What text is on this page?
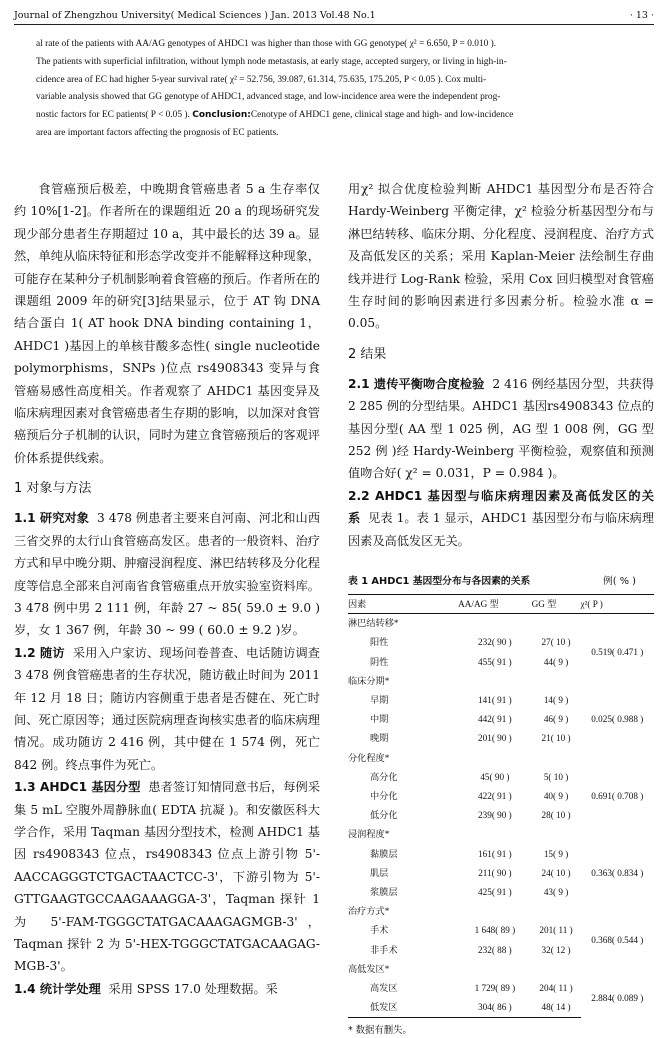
Journal of Zhengzhou University( Medical Sciences ) Jan. 2013 Vol.48 No.1	· 13 ·
al rate of the patients with AA/AG genotypes of AHDC1 was higher than those with GG genotype( χ² = 6.650, P = 0.010 ).
The patients with superficial infiltration, without lymph node metastasis, at early stage, accepted surgery, or living in high-in-
cidence area of EC had higher 5-year survival rate( χ² = 52.756, 39.087, 61.314, 75.635, 175.205, P < 0.05 ). Cox multi-
variable analysis showed that GG genotype of AHDC1, advanced stage, and low-incidence area were the independent prog-
nostic factors for EC patients( P < 0.05 ). Conclusion:Cenotype of AHDC1 gene, clinical stage and high- and low-incidence
area are important factors affecting the prognosis of EC patients.

食管癌预后极差，中晚期食管癌患者 5 a 生存率仅约 10%[1-2]。作者所在的课题组近 20 a 的现场研究发现少部分患者生存期超过 10 a，其中最长的达 39 a。显然，单纯从临床特征和形态学改变并不能解释这种现象，可能存在某种分子机制影响着食管癌的预后。作者所在的课题组 2009 年的研究[3]结果显示，位于 AT 钩 DNA 结合蛋白 1( AT hook DNA binding containing 1，AHDC1 )基因上的单核苷酸多态性( single nucleotide polymorphisms，SNPs )位点 rs4908343 变异与食管癌易感性高度相关。作者观察了 AHDC1 基因变异及临床病理因素对食管癌患者生存期的影响，以加深对食管癌预后分子机制的认识，同时为建立食管癌预后的客观评价体系提供线索。

1 对象与方法

1.1 研究对象 3 478 例患者主要来自河南、河北和山西三省交界的太行山食管癌高发区。患者的一般资料、治疗方式和早中晚分期、肿瘤浸润程度、淋巴结转移及分化程度等信息全部来自河南省食管癌重点开放实验室资料库。3 478 例中男 2 111 例，年龄 27 ~ 85( 59.0 ± 9.0 )岁，女 1 367 例，年龄 30 ~ 99 ( 60.0 ± 9.2 )岁。

1.2 随访 采用入户家访、现场问卷普查、电话随访调查 3 478 例食管癌患者的生存状况，随访截止时间为 2011 年 12 月 18 日；随访内容侧重于患者是否健在、死亡时间、死亡原因等；通过医院病理查询核实患者的临床病理情况。成功随访 2 416 例，其中健在 1 574 例，死亡 842 例。终点事件为死亡。

1.3 AHDC1 基因分型 患者签订知情同意书后，每例采集 5 mL 空腹外周静脉血( EDTA 抗凝 )。和安徽医科大学合作，采用 Taqman 基因分型技术，检测 AHDC1 基因 rs4908343 位点，rs4908343 位点上游引物 5'-AACCAGGGTCTGACTAACTCC-3'，下游引物为 5'-GTTGAAGTGCCAAGAAAGGA-3'，Taqman 探针 1 为 5'-FAM-TGGGCTATGACAAAGAGMGB-3'，Taqman 探针 2 为 5'-HEX-TGGGCTATGACAAGAG-MGB-3'。

1.4 统计学处理 采用 SPSS 17.0 处理数据。采

用χ² 拟合优度检验判断 AHDC1 基因型分布是否符合 Hardy-Weinberg 平衡定律，χ² 检验分析基因型分布与淋巴结转移、临床分期、分化程度、浸润程度、治疗方式及高低发区的关系；采用 Kaplan-Meier 法绘制生存曲线并进行 Log-Rank 检验，采用 Cox 回归模型对食管癌生存时间的影响因素进行多因素分析。检验水准 α = 0.05。

2 结果

2.1 遗传平衡吻合度检验 2 416 例经基因分型，共获得 2 285 例的分型结果。AHDC1 基因rs4908343 位点的基因分型( AA 型 1 025 例，AG 型 1 008 例，GG 型 252 例 )经 Hardy-Weinberg 平衡检验，观察值和预测值吻合好( χ² = 0.031，P = 0.984 )。

2.2 AHDC1 基因型与临床病理因素及高低发区的关系 见表 1。表 1 显示，AHDC1 基因型分布与临床病理因素及高低发区无关。

表 1 AHDC1 基因型分布与各因素的关系	例( % )
因素	AA/AG 型	GG 型	χ²( P )
淋巴结转移*			
阳性	232( 90 )	27( 10 )	0.519( 0.471 )
阴性	455( 91 )	44( 9 )	
临床分期*			
早期	141( 91 )	14( 9 )	0.025( 0.988 )
中期	442( 91 )	46( 9 )	
晚期	201( 90 )	21( 10 )	
分化程度*			
高分化	45( 90 )	5( 10 )	0.691( 0.708 )
中分化	422( 91 )	40( 9 )	
低分化	239( 90 )	28( 10 )	
浸润程度*			
黏膜层	161( 91 )	15( 9 )	0.363( 0.834 )
肌层	211( 90 )	24( 10 )	
浆膜层	425( 91 )	43( 9 )	
治疗方式*			
手术	1 648( 89 )	201( 11 )	0.368( 0.544 )
非手术	232( 88 )	32( 12 )	
高低发区*			
高发区	1 729( 89 )	204( 11 )	2.884( 0.089 )
低发区	304( 86 )	48( 14 )	
* 数据有删失。
